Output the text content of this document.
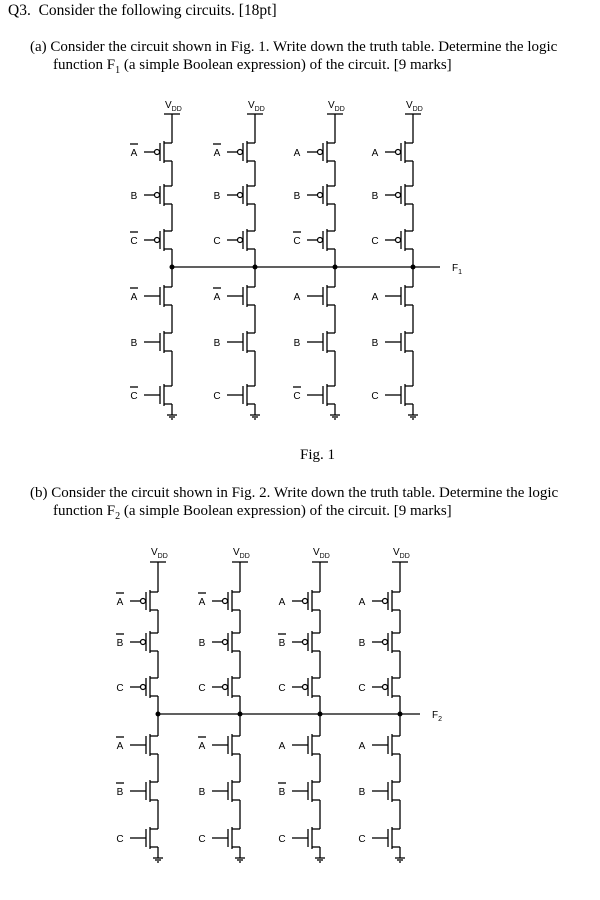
Q3. Consider the following circuits. [18pt]
(a) Consider the circuit shown in Fig. 1. Write down the truth table. Determine the logic
function $F_1$ (a simple Boolean expression) of the circuit. [9 marks]
$F_1$
$V_{DD}$
A
B
C
A
B
C
$V_{DD}$
A
B
C
A
B
C
$V_{DD}$
A
B
C
A
B
C
$V_{DD}$
A
B
C
A
B
C
Fig. 1
(b) Consider the circuit shown in Fig. 2. Write down the truth table. Determine the logic
function $F_2$ (a simple Boolean expression) of the circuit. [9 marks]
$F_2$
$V_{DD}$
A
B
C
A
B
C
$V_{DD}$
A
B
C
A
B
C
$V_{DD}$
A
B
C
A
B
C
$V_{DD}$
A
B
C
A
B
C
